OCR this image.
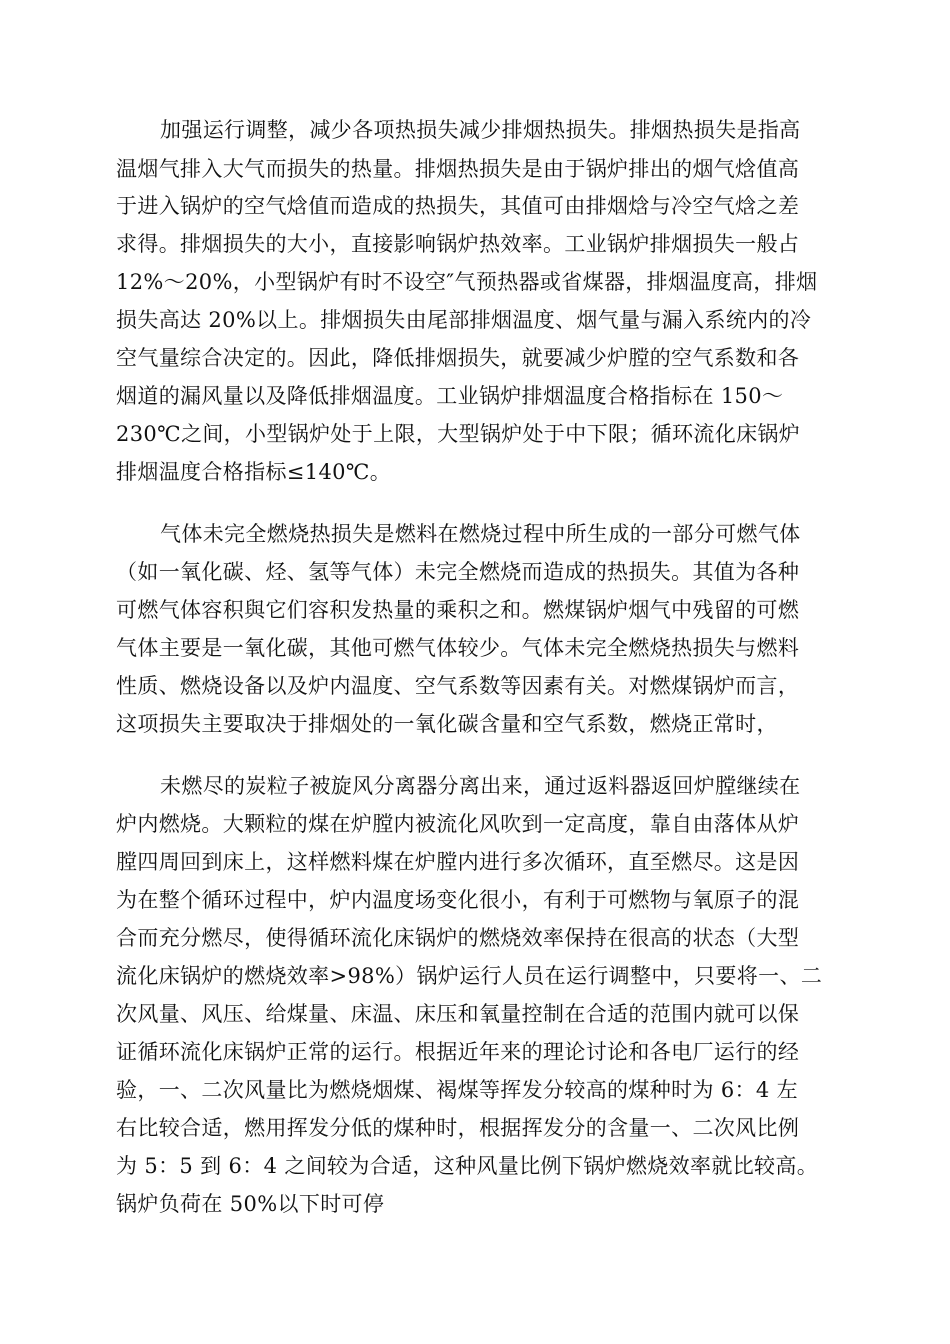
加强运行调整，减少各项热损失减少排烟热损失。排烟热损失是指高

温烟气排入大气而损失的热量。排烟热损失是由于锅炉排出的烟气焓值高

于进入锅炉的空气焓值而造成的热损失，其值可由排烟焓与冷空气焓之差

求得。排烟损失的大小，直接影响锅炉热效率。工业锅炉排烟损失一般占

12%～20%，小型锅炉有时不设空″气预热器或省煤器，排烟温度高，排烟

损失高达 20%以上。排烟损失由尾部排烟温度、烟气量与漏入系统内的冷

空气量综合决定的。因此，降低排烟损失，就要减少炉膛的空气系数和各

烟道的漏风量以及降低排烟温度。工业锅炉排烟温度合格指标在 150～

230℃之间，小型锅炉处于上限，大型锅炉处于中下限；循环流化床锅炉

排烟温度合格指标≤140℃。

气体未完全燃烧热损失是燃料在燃烧过程中所生成的一部分可燃气体

（如一氧化碳、烃、氢等气体）未完全燃烧而造成的热损失。其值为各种

可燃气体容积與它们容积发热量的乘积之和。燃煤锅炉烟气中残留的可燃

气体主要是一氧化碳，其他可燃气体较少。气体未完全燃烧热损失与燃料

性质、燃烧设备以及炉内温度、空气系数等因素有关。对燃煤锅炉而言，

这项损失主要取决于排烟处的一氧化碳含量和空气系数，燃烧正常时，

未燃尽的炭粒子被旋风分离器分离出来，通过返料器返回炉膛继续在

炉内燃烧。大颗粒的煤在炉膛内被流化风吹到一定高度，靠自由落体从炉

膛四周回到床上，这样燃料煤在炉膛内进行多次循环，直至燃尽。这是因

为在整个循环过程中，炉内温度场变化很小，有利于可燃物与氧原子的混

合而充分燃尽，使得循环流化床锅炉的燃烧效率保持在很高的状态（大型

流化床锅炉的燃烧效率>98%）锅炉运行人员在运行调整中，只要将一、二

次风量、风压、给煤量、床温、床压和氧量控制在合适的范围内就可以保

证循环流化床锅炉正常的运行。根据近年来的理论讨论和各电厂运行的经

验，一、二次风量比为燃烧烟煤、褐煤等挥发分较高的煤种时为 6：4 左

右比较合适，燃用挥发分低的煤种时，根据挥发分的含量一、二次风比例

为 5：5 到 6：4 之间较为合适，这种风量比例下锅炉燃烧效率就比较高。

锅炉负荷在 50%以下时可停
